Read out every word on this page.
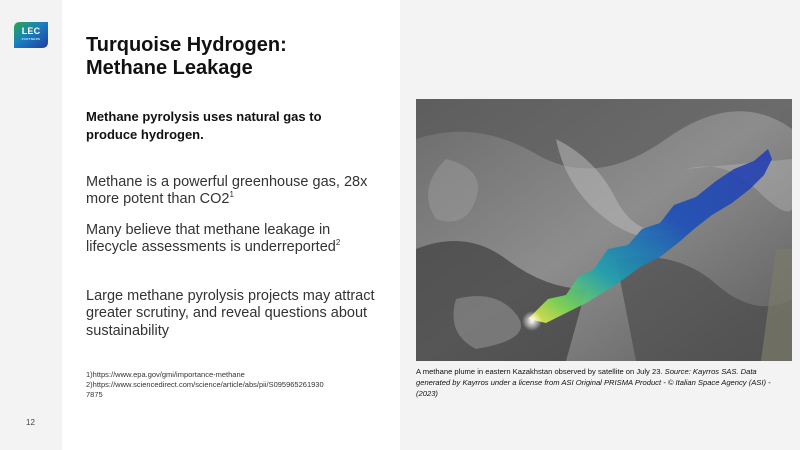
LEC
PARTNERS
12
Turquoise Hydrogen:
Methane Leakage
Methane pyrolysis uses natural gas to produce hydrogen.
Methane is a powerful greenhouse gas, 28x more potent than $CO2^1$
Many believe that methane leakage in lifecycle assessments is underreported$^2$
Large methane pyrolysis projects may attract greater scrutiny, and reveal questions about sustainability
1)https://www.epa.gov/gmi/importance-methane
2)https://www.sciencedirect.com/science/article/abs/pii/S0959652619307875
A methane plume in eastern Kazakhstan observed by satellite on July 23. Source: Kayrros SAS. Data generated by Kayrros under a license from ASI Original PRISMA Product - © Italian Space Agency (ASI) - (2023)
